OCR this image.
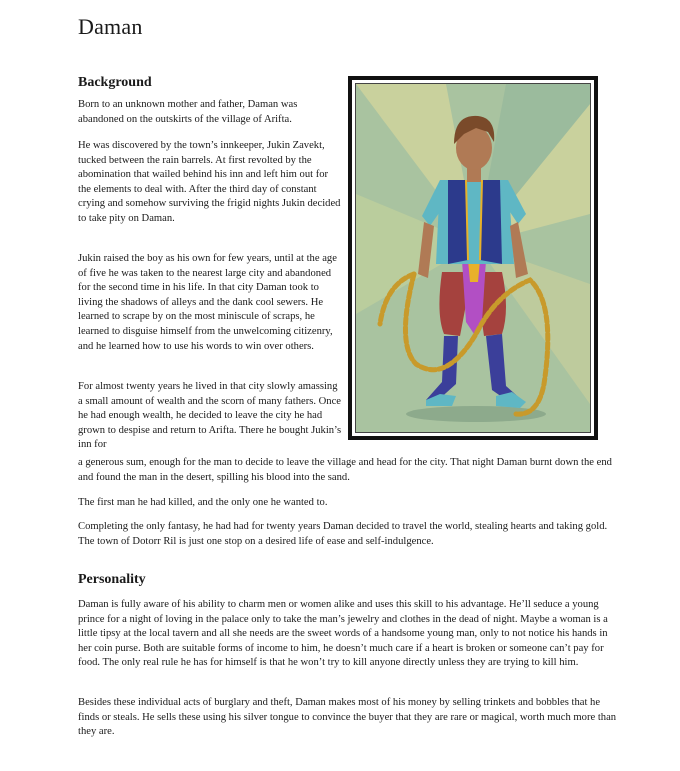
Daman
Background

Born to an unknown mother and father, Daman was abandoned on the outskirts of the village of Arifta.

He was discovered by the town’s innkeeper, Jukin Zavekt, tucked between the rain barrels. At first revolted by the abomination that wailed behind his inn and left him out for the elements to deal with. After the third day of constant crying and somehow surviving the frigid nights Jukin decided to take pity on Daman.

Jukin raised the boy as his own for few years, until at the age of five he was taken to the nearest large city and abandoned for the second time in his life. In that city Daman took to living the shadows of alleys and the dank cool sewers. He learned to scrape by on the most miniscule of scraps, he learned to disguise himself from the unwelcoming citizenry, and he learned how to use his words to win over others.

For almost twenty years he lived in that city slowly amassing a small amount of wealth and the scorn of many fathers. Once he had enough wealth, he decided to leave the city he had grown to despise and return to Arifta. There he bought Jukin’s inn for

a generous sum, enough for the man to decide to leave the village and head for the city. That night Daman burnt down the end and found the man in the desert, spilling his blood into the sand.

The first man he had killed, and the only one he wanted to.

Completing the only fantasy, he had had for twenty years Daman decided to travel the world, stealing hearts and taking gold. The town of Dotorr Ril is just one stop on a desired life of ease and self-indulgence.

Personality

Daman is fully aware of his ability to charm men or women alike and uses this skill to his advantage. He’ll seduce a young prince for a night of loving in the palace only to take the man’s jewelry and clothes in the dead of night. Maybe a woman is a little tipsy at the local tavern and all she needs are the sweet words of a handsome young man, only to not notice his hands in her coin purse. Both are suitable forms of income to him, he doesn’t much care if a heart is broken or someone can’t pay for food. The only real rule he has for himself is that he won’t try to kill anyone directly unless they are trying to kill him.

Besides these individual acts of burglary and theft, Daman makes most of his money by selling trinkets and bobbles that he finds or steals. He sells these using his silver tongue to convince the buyer that they are rare or magical, worth much more than they are.
